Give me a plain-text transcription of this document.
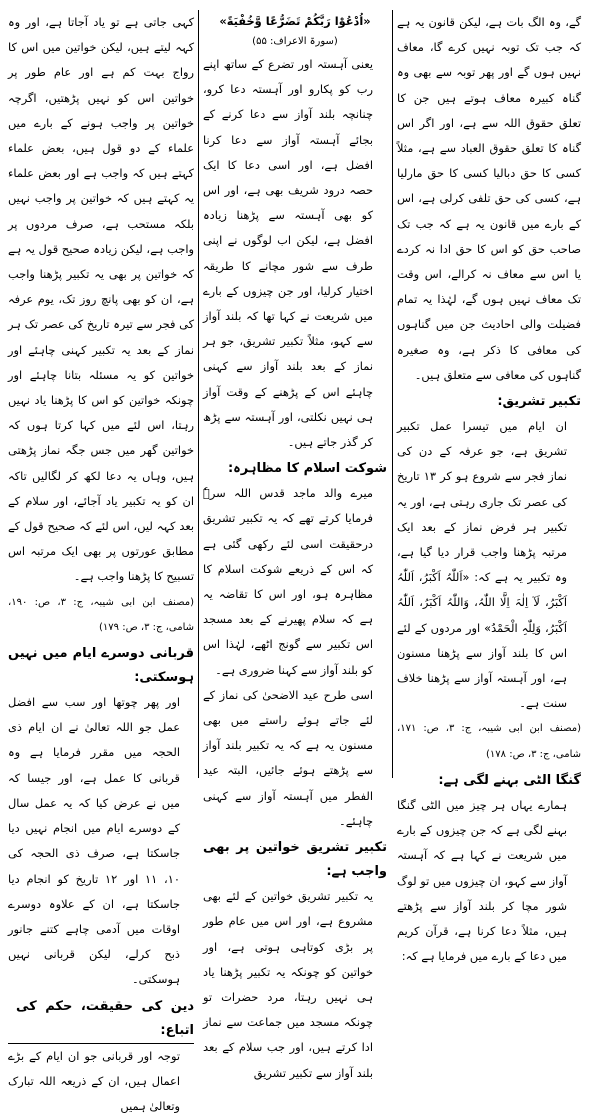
گے، وہ الگ بات ہے، لیکن قانون یہ ہے کہ جب تک توبہ نہیں کرے گا، معاف نہیں ہوں گے اور پھر توبہ سے بھی وہ گناہ کبیرہ معاف ہوتے ہیں جن کا تعلق حقوق اللہ سے ہے، اور اگر اس گناہ کا تعلق حقوق العباد سے ہے، مثلاً کسی کا حق دبالیا کسی کا حق مارلیا ہے، کسی کی حق تلفی کرلی ہے، اس کے بارے میں قانون یہ ہے کہ جب تک صاحب حق کو اس کا حق ادا نہ کردے یا اس سے معاف نہ کرالے، اس وقت تک معاف نہیں ہوں گے، لہٰذا یہ تمام فضیلت والی احادیث جن میں گناہوں کی معافی کا ذکر ہے، وہ صغیرہ گناہوں کی معافی سے متعلق ہیں۔

تکبیر تشریق:

ان ایام میں تیسرا عمل تکبیر تشریق ہے، جو عرفہ کے دن کی نماز فجر سے شروع ہو کر ۱۳ تاریخ کی عصر تک جاری رہتی ہے، اور یہ تکبیر ہر فرض نماز کے بعد ایک مرتبہ پڑھنا واجب قرار دیا گیا ہے، وہ تکبیر یہ ہے کہ: «اَللّٰہُ اَکْبَرُ، اَللّٰہُ اَکْبَرُ، لَآ اِلٰہَ اِلَّا اللّٰہُ، وَاللّٰہُ اَکْبَرُ، اَللّٰہُ اَکْبَرُ، وَلِلّٰہِ الْحَمْدُ» اور مردوں کے لئے اس کا بلند آواز سے پڑھنا مسنون ہے، اور آہستہ آواز سے پڑھنا خلاف سنت ہے۔

(مصنف ابن ابی شیبہ، ج: ۳، ص: ۱۷۱، شامی، ج: ۳، ص: ۱۷۸)

گنگا الٹی بہنے لگی ہے:

ہمارے یہاں ہر چیز میں الٹی گنگا بہنے لگی ہے کہ جن چیزوں کے بارے میں شریعت نے کہا ہے کہ آہستہ آواز سے کہو، ان چیزوں میں تو لوگ شور مچا کر بلند آواز سے پڑھتے ہیں، مثلاً دعا کرنا ہے، قرآن کریم میں دعا کے بارے میں فرمایا ہے کہ:

«اُدْعُوْا رَبَّكُمْ تَضَرُّعًا وَّخُفْيَةً»
(سورۃ الاعراف: ۵۵)

یعنی آہستہ اور تضرع کے ساتھ اپنے رب کو پکارو اور آہستہ دعا کرو، چنانچہ بلند آواز سے دعا کرنے کے بجائے آہستہ آواز سے دعا کرنا افضل ہے، اور اسی دعا کا ایک حصہ درود شریف بھی ہے، اور اس کو بھی آہستہ سے پڑھنا زیادہ افضل ہے، لیکن اب لوگوں نے اپنی طرف سے شور مچانے کا طریقہ اختیار کرلیا، اور جن چیزوں کے بارے میں شریعت نے کہا تھا کہ بلند آواز سے کہو، مثلاً تکبیر تشریق، جو ہر نماز کے بعد بلند آواز سے کہنی چاہئے اس کے پڑھنے کے وقت آواز ہی نہیں نکلتی، اور آہستہ سے پڑھ کر گذر جاتے ہیں۔

شوکت اسلام کا مظاہرہ:

میرے والد ماجد قدس اللہ سرہٗ فرمایا کرتے تھے کہ یہ تکبیر تشریق درحقیقت اسی لئے رکھی گئی ہے کہ اس کے ذریعے شوکت اسلام کا مظاہرہ ہو، اور اس کا تقاضہ یہ ہے کہ سلام پھیرنے کے بعد مسجد اس تکبیر سے گونج اٹھے، لہٰذا اس کو بلند آواز سے کہنا ضروری ہے۔

اسی طرح عید الاضحیٰ کی نماز کے لئے جاتے ہوئے راستے میں بھی مسنون یہ ہے کہ یہ تکبیر بلند آواز سے پڑھتے ہوئے جائیں، البتہ عید الفطر میں آہستہ آواز سے کہنی چاہئے۔

تکبیر تشریق خواتین پر بھی واجب ہے:

یہ تکبیر تشریق خواتین کے لئے بھی مشروع ہے، اور اس میں عام طور پر بڑی کوتاہی ہوتی ہے، اور خواتین کو چونکہ یہ تکبیر پڑھنا یاد ہی نہیں رہتا، مرد حضرات تو چونکہ مسجد میں جماعت سے نماز ادا کرتے ہیں، اور جب سلام کے بعد بلند آواز سے تکبیر تشریق

کہی جاتی ہے تو یاد آجاتا ہے، اور وہ کہہ لیتے ہیں، لیکن خواتین میں اس کا رواج بہت کم ہے اور عام طور پر خواتین اس کو نہیں پڑھتیں، اگرچہ خواتین پر واجب ہونے کے بارے میں علماء کے دو قول ہیں، بعض علماء کہتے ہیں کہ واجب ہے اور بعض علماء یہ کہتے ہیں کہ خواتین پر واجب نہیں بلکہ مستحب ہے، صرف مردوں پر واجب ہے، لیکن زیادہ صحیح قول یہ ہے کہ خواتین پر بھی یہ تکبیر پڑھنا واجب ہے، ان کو بھی پانچ روز تک، یوم عرفہ کی فجر سے تیرہ تاریخ کی عصر تک ہر نماز کے بعد یہ تکبیر کہنی چاہئے اور خواتین کو یہ مسئلہ بتانا چاہئے اور چونکہ خواتین کو اس کا پڑھنا یاد نہیں رہتا، اس لئے میں کہا کرتا ہوں کہ خواتین گھر میں جس جگہ نماز پڑھتی ہیں، وہاں یہ دعا لکھ کر لگالیں تاکہ ان کو یہ تکبیر یاد آجائے، اور سلام کے بعد کہہ لیں، اس لئے کہ صحیح قول کے مطابق عورتوں پر بھی ایک مرتبہ اس تسبیح کا پڑھنا واجب ہے۔

(مصنف ابن ابی شیبہ، ج: ۳، ص: ۱۹۰، شامی، ج: ۳، ص: ۱۷۹)

قربانی دوسرے ایام میں نہیں ہوسکتی:

اور پھر چوتھا اور سب سے افضل عمل جو اللہ تعالیٰ نے ان ایام ذی الحجہ میں مقرر فرمایا ہے وہ قربانی کا عمل ہے، اور جیسا کہ میں نے عرض کیا کہ یہ عمل سال کے دوسرے ایام میں انجام نہیں دیا جاسکتا ہے، صرف ذی الحجہ کی ۱۰، ۱۱ اور ۱۲ تاریخ کو انجام دیا جاسکتا ہے، ان کے علاوہ دوسرے اوقات میں آدمی چاہے کتنے جانور ذبح کرلے، لیکن قربانی نہیں ہوسکتی۔

دین کی حقیقت، حکم کی اتباع:

توجہ اور قربانی جو ان ایام کے بڑے اعمال ہیں، ان کے ذریعہ اللہ تبارک وتعالیٰ ہمیں
